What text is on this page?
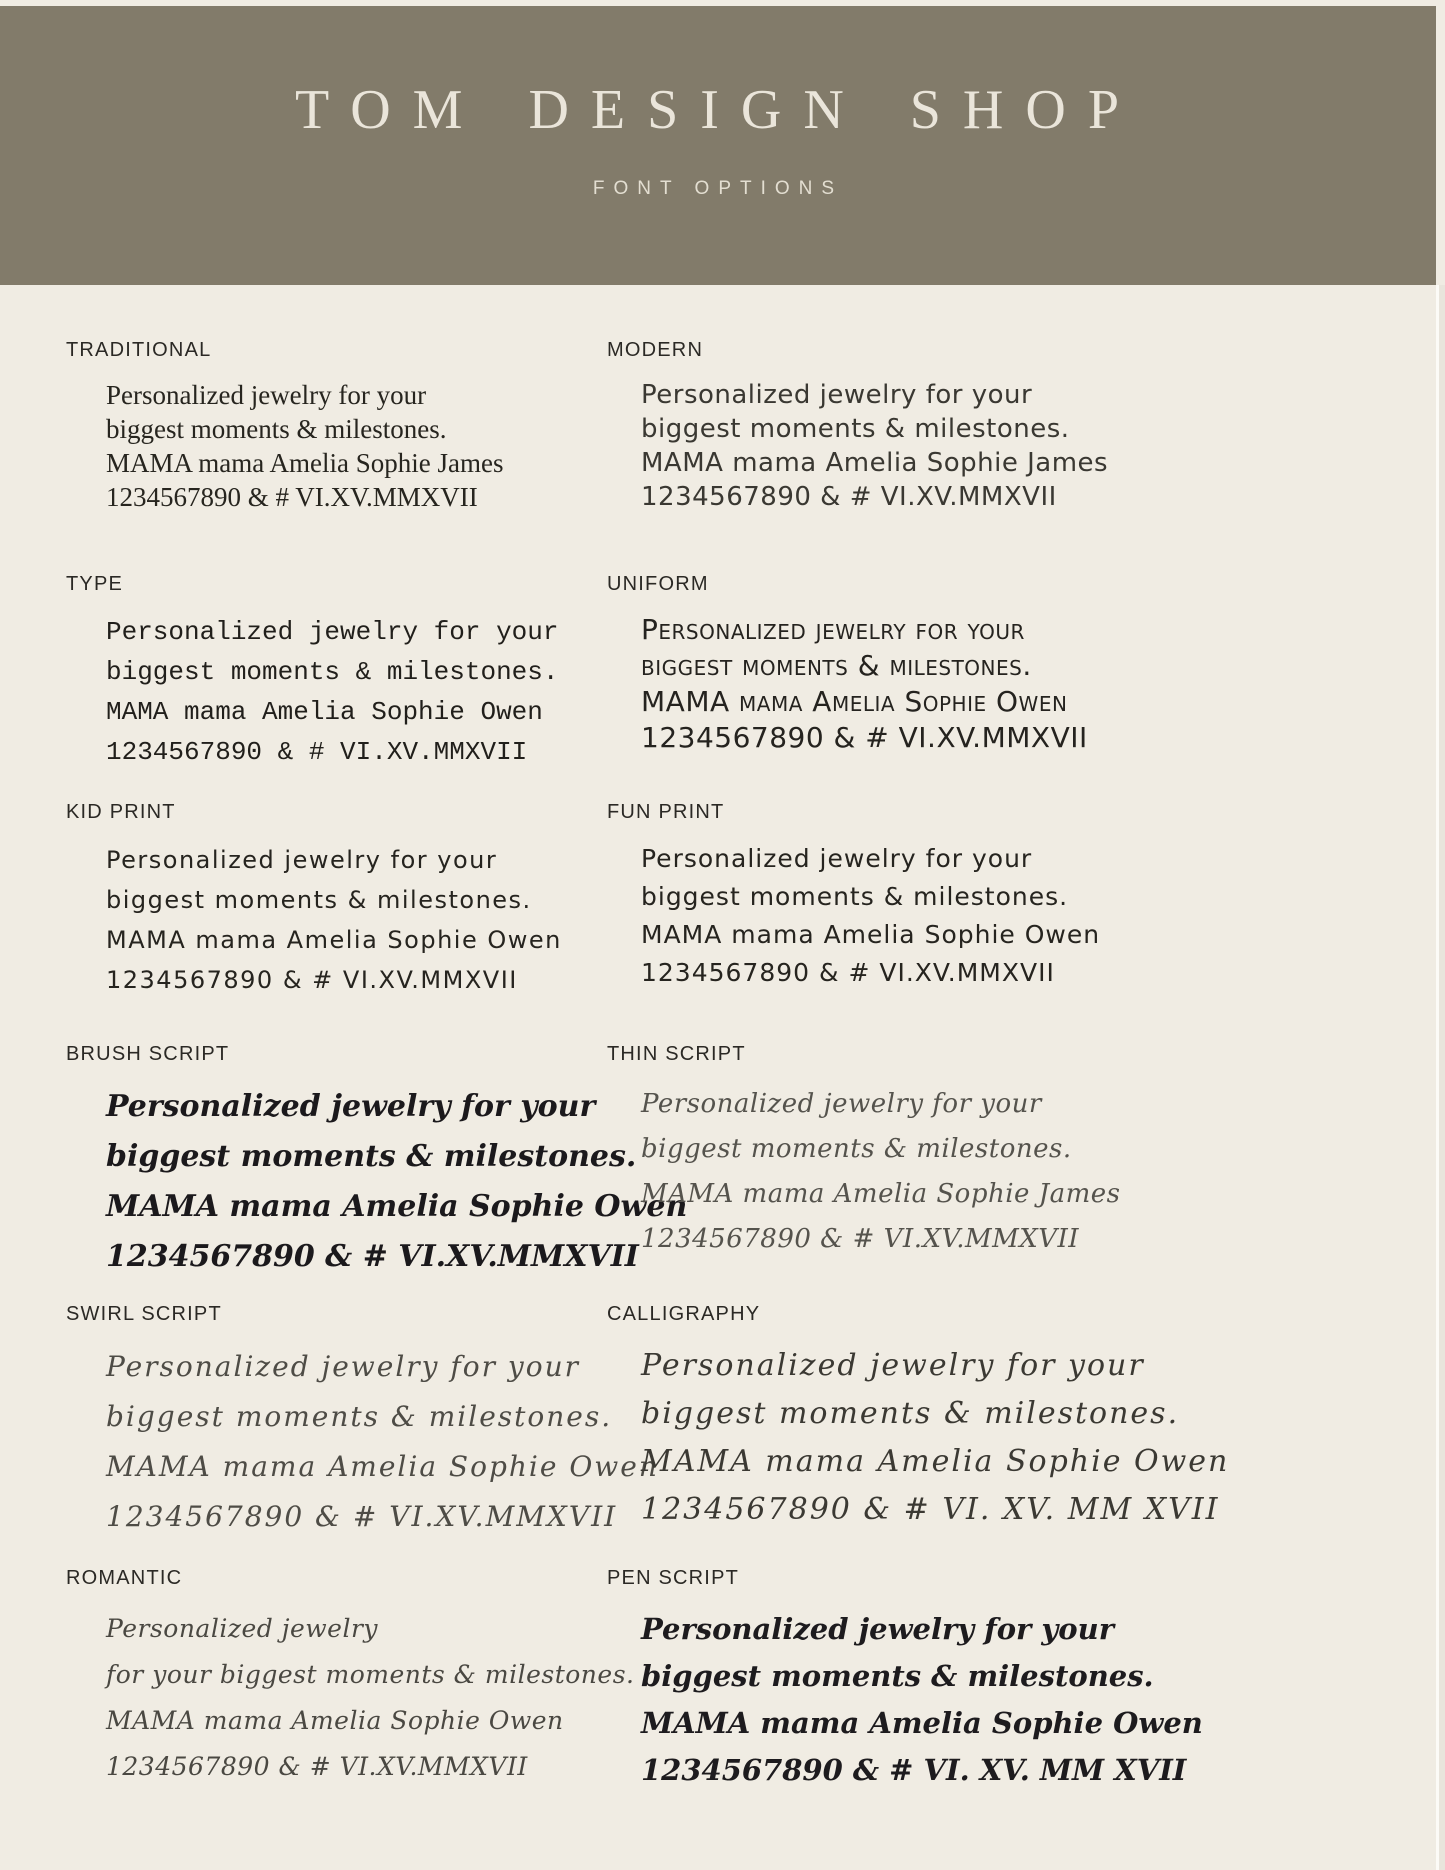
TOM DESIGN SHOP
FONT OPTIONS
TRADITIONAL
Personalized jewelry for your
biggest moments & milestones.
MAMA mama Amelia Sophie James
1234567890 & # VI.XV.MMXVII
MODERN
Personalized jewelry for your
biggest moments & milestones.
MAMA mama Amelia Sophie James
1234567890 & # VI.XV.MMXVII
TYPE
Personalized jewelry for your
biggest moments & milestones.
MAMA mama Amelia Sophie Owen
1234567890 & # VI.XV.MMXVII
UNIFORM
Personalized jewelry for your
biggest moments & milestones.
MAMA mama Amelia Sophie Owen
1234567890 & # VI.XV.MMXVII
KID PRINT
Personalized jewelry for your
biggest moments & milestones.
MAMA mama Amelia Sophie Owen
1234567890 & # VI.XV.MMXVII
FUN PRINT
Personalized jewelry for your
biggest moments & milestones.
MAMA mama Amelia Sophie Owen
1234567890 & # VI.XV.MMXVII
BRUSH SCRIPT
Personalized jewelry for your
biggest moments & milestones.
MAMA mama Amelia Sophie Owen
1234567890 & # VI.XV.MMXVII
THIN SCRIPT
Personalized jewelry for your
biggest moments & milestones.
MAMA mama Amelia Sophie James
1234567890 & # VI.XV.MMXVII
SWIRL SCRIPT
Personalized jewelry for your
biggest moments & milestones.
MAMA mama Amelia Sophie Owen
1234567890 & # VI.XV.MMXVII
CALLIGRAPHY
Personalized jewelry for your
biggest moments & milestones.
MAMA mama Amelia Sophie Owen
1234567890 & # VI. XV. MM XVII
ROMANTIC
Personalized jewelry
for your biggest moments & milestones.
MAMA mama Amelia Sophie Owen
1234567890 & # VI.XV.MMXVII
PEN SCRIPT
Personalized jewelry for your
biggest moments & milestones.
MAMA mama Amelia Sophie Owen
1234567890 & # VI. XV. MM XVII
